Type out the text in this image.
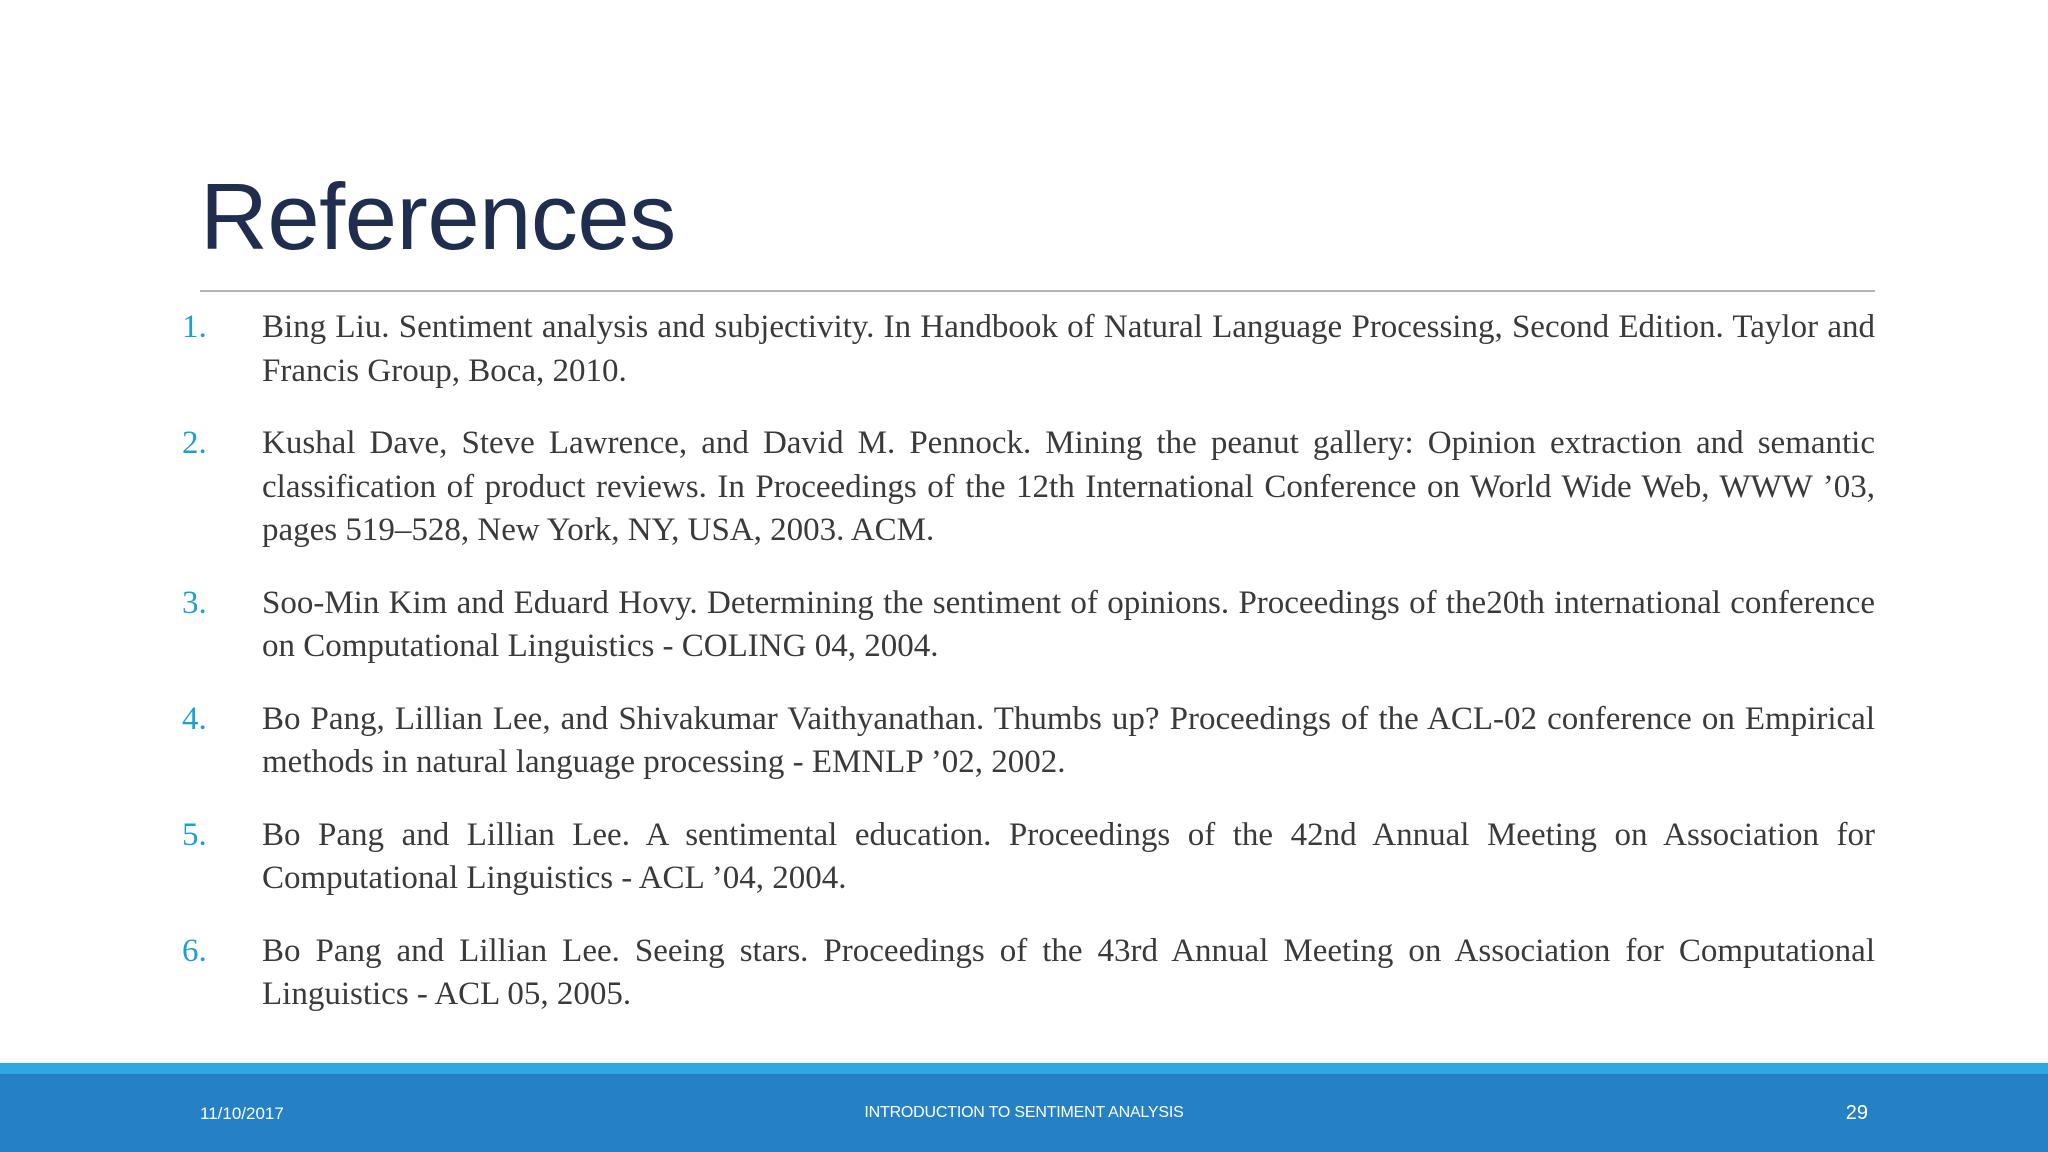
References
1.	Bing Liu. Sentiment analysis and subjectivity. In Handbook of Natural Language Processing, Second Edition. Taylor and Francis Group, Boca, 2010.
2.	Kushal Dave, Steve Lawrence, and David M. Pennock. Mining the peanut gallery: Opinion extraction and semantic classification of product reviews. In Proceedings of the 12th International Conference on World Wide Web, WWW ’03, pages 519–528, New York, NY, USA, 2003. ACM.
3.	Soo-Min Kim and Eduard Hovy. Determining the sentiment of opinions. Proceedings of the20th international conference on Computational Linguistics - COLING 04, 2004.
4.	Bo Pang, Lillian Lee, and Shivakumar Vaithyanathan. Thumbs up? Proceedings of the ACL-02 conference on Empirical methods in natural language processing - EMNLP ’02, 2002.
5.	Bo Pang and Lillian Lee. A sentimental education. Proceedings of the 42nd Annual Meeting on Association for Computational Linguistics - ACL ’04, 2004.
6.	Bo Pang and Lillian Lee. Seeing stars. Proceedings of the 43rd Annual Meeting on Association for Computational Linguistics - ACL 05, 2005.
11/10/2017	INTRODUCTION TO SENTIMENT ANALYSIS	29
